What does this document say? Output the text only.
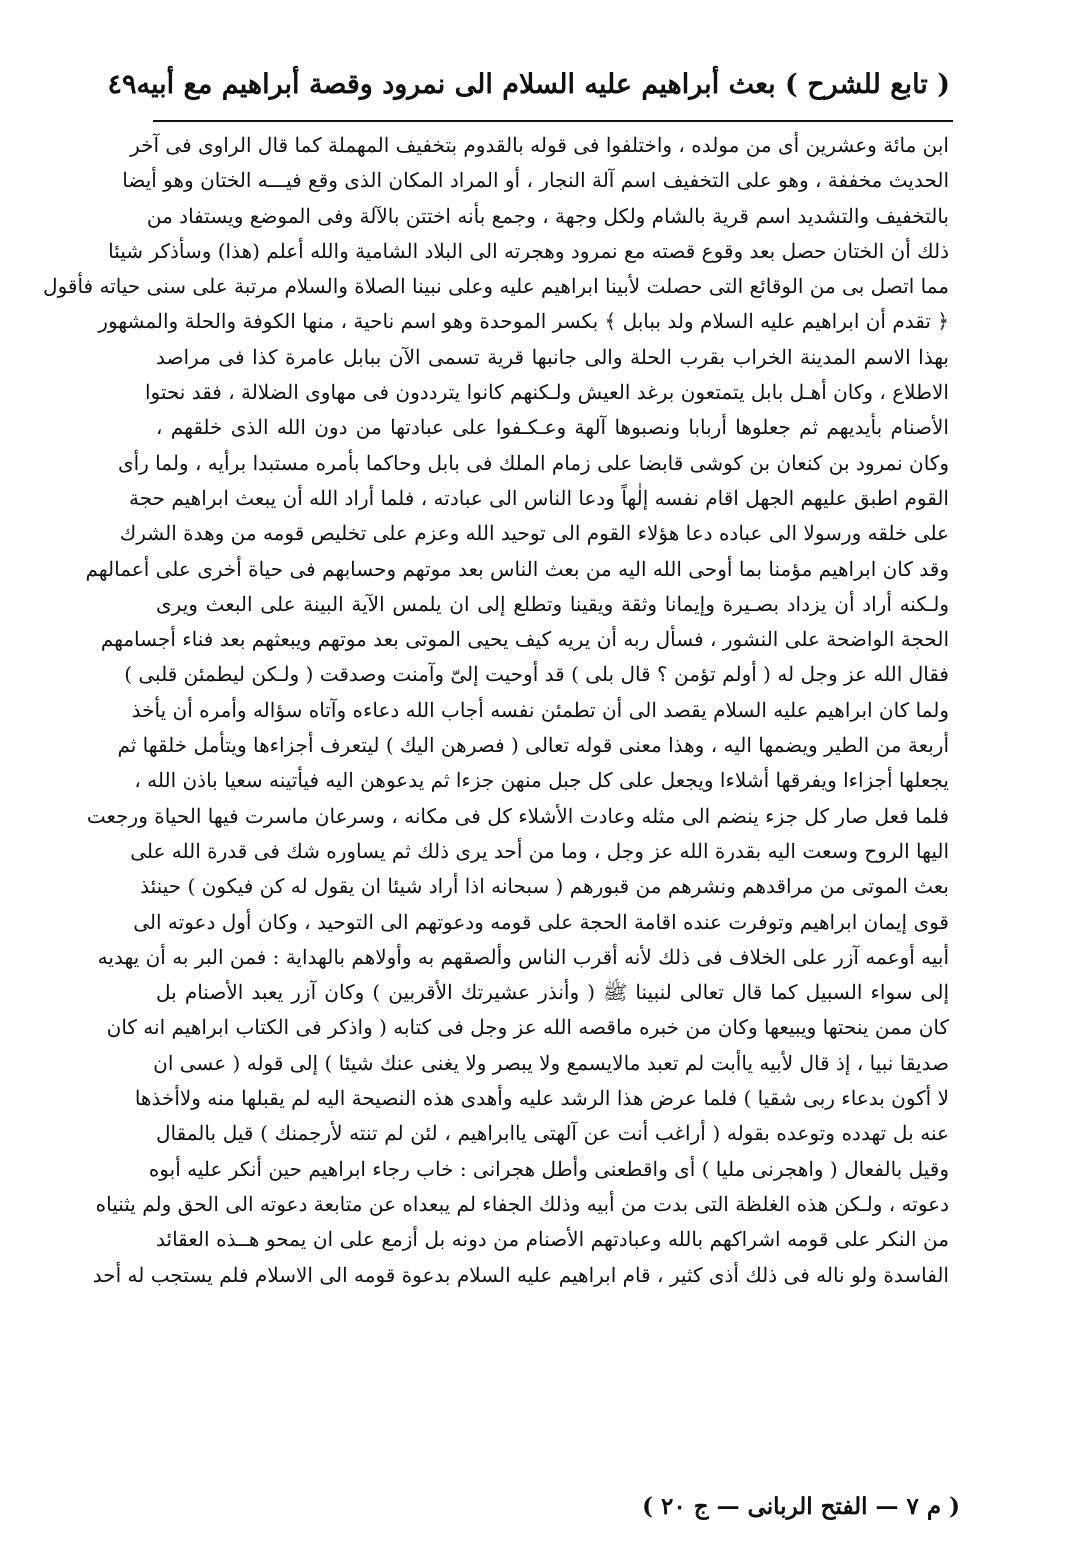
( تابع للشرح ) بعث أبراهيم عليه السلام الى نمرود وقصة أبراهيم مع أبيه
٤٩
ابن مائة وعشرين أى من مولده ، واختلفوا فى قوله بالقدوم بتخفيف المهملة كما قال الراوى فى آخر
الحديث مخففة ، وهو على التخفيف اسم آلة النجار ، أو المراد المكان الذى وقع فيـــه الختان وهو أيضا
بالتخفيف والتشديد اسم قرية بالشام ولكل وجهة ، وجمع بأنه اختتن بالآلة وفى الموضع ويستفاد من
ذلك أن الختان حصل بعد وقوع قصته مع نمرود وهجرته الى البلاد الشامية والله أعلم (هذا) وسأذكر شيئا
مما اتصل بى من الوقائع التى حصلت لأبينا ابراهيم عليه وعلى نبينا الصلاة والسلام مرتبة على سنى حياته فأقول
﴿ تقدم أن ابراهيم عليه السلام ولد ببابل ﴾ بكسر الموحدة وهو اسم ناحية ، منها الكوفة والحلة والمشهور
بهذا الاسم المدينة الخراب بقرب الحلة والى جانبها قرية تسمى الآن ببابل عامرة كذا فى مراصد
الاطلاع ، وكان أهـل بابل يتمتعون برغد العيش ولـكنهم كانوا يترددون فى مهاوى الضلالة ، فقد نحتوا
الأصنام بأيديهم ثم جعلوها أربابا ونصبوها آلهة وعـكـفوا على عبادتها من دون الله الذى خلقهم ،
وكان نمرود بن كنعان بن كوشى قابضا على زمام الملك فى بابل وحاكما بأمره مستبدا برأيه ، ولما رأى
القوم اطبق عليهم الجهل اقام نفسه إلٰهاً ودعا الناس الى عبادته ، فلما أراد الله أن يبعث ابراهيم حجة
على خلقه ورسولا الى عباده دعا هؤلاء القوم الى توحيد الله وعزم على تخليص قومه من وهدة الشرك
وقد كان ابراهيم مؤمنا بما أوحى الله اليه من بعث الناس بعد موتهم وحسابهم فى حياة أخرى على أعمالهم
ولـكنه أراد أن يزداد بصـيرة وإيمانا وثقة ويقينا وتطلع إلى ان يلمس الآية البينة على البعث ويرى
الحجة الواضحة على النشور ، فسأل ربه أن يريه كيف يحيى الموتى بعد موتهم ويبعثهم بعد فناء أجسامهم
فقال الله عز وجل له ( أولم تؤمن ؟ قال بلى ) قد أوحيت إلىّ وآمنت وصدقت ( ولـكن ليطمئن قلبى )
ولما كان ابراهيم عليه السلام يقصد الى أن تطمئن نفسه أجاب الله دعاءه وآتاه سؤاله وأمره أن يأخذ
أربعة من الطير ويضمها اليه ، وهذا معنى قوله تعالى ( فصرهن اليك ) ليتعرف أجزاءها ويتأمل خلقها ثم
يجعلها أجزاءا ويفرقها أشلاءا ويجعل على كل جبل منهن جزءا ثم يدعوهن اليه فيأتينه سعيا باذن الله ،
فلما فعل صار كل جزء ينضم الى مثله وعادت الأشلاء كل فى مكانه ، وسرعان ماسرت فيها الحياة ورجعت
اليها الروح وسعت اليه بقدرة الله عز وجل ، وما من أحد يرى ذلك ثم يساوره شك فى قدرة الله على
بعث الموتى من مراقدهم ونشرهم من قبورهم ( سبحانه اذا أراد شيئا ان يقول له كن فيكون ) حينئذ
قوى إيمان ابراهيم وتوفرت عنده اقامة الحجة على قومه ودعوتهم الى التوحيد ، وكان أول دعوته الى
أبيه أوعمه آزر على الخلاف فى ذلك لأنه أقرب الناس وألصقهم به وأولاهم بالهداية : فمن البر به أن يهديه
إلى سواء السبيل كما قال تعالى لنبينا ﷺ ( وأنذر عشيرتك الأقربين ) وكان آزر يعبد الأصنام بل
كان ممن ينحتها ويبيعها وكان من خبره ماقصه الله عز وجل فى كتابه ( واذكر فى الكتاب ابراهيم انه كان
صديقا نبيا ، إذ قال لأبيه ياأبت لم تعبد مالايسمع ولا يبصر ولا يغنى عنك شيئا ) إلى قوله ( عسى ان
لا أكون بدعاء ربى شقيا ) فلما عرض هذا الرشد عليه وأهدى هذه النصيحة اليه لم يقبلها منه ولاأخذها
عنه بل تهدده وتوعده بقوله ( أراغب أنت عن آلهتى ياابراهيم ، لئن لم تنته لأرجمنك ) قيل بالمقال
وقيل بالفعال ( واهجرنى مليا ) أى واقطعنى وأطل هجرانى : خاب رجاء ابراهيم حين أنكر عليه أبوه
دعوته ، ولـكن هذه الغلظة التى بدت من أبيه وذلك الجفاء لم يبعداه عن متابعة دعوته الى الحق ولم يثنياه
من النكر على قومه اشراكهم بالله وعبادتهم الأصنام من دونه بل أزمع على ان يمحو هــذه العقائد
الفاسدة ولو ناله فى ذلك أذى كثير ، قام ابراهيم عليه السلام بدعوة قومه الى الاسلام فلم يستجب له أحد
( م ٧ — الفتح الربانى — ج ٢٠ )
